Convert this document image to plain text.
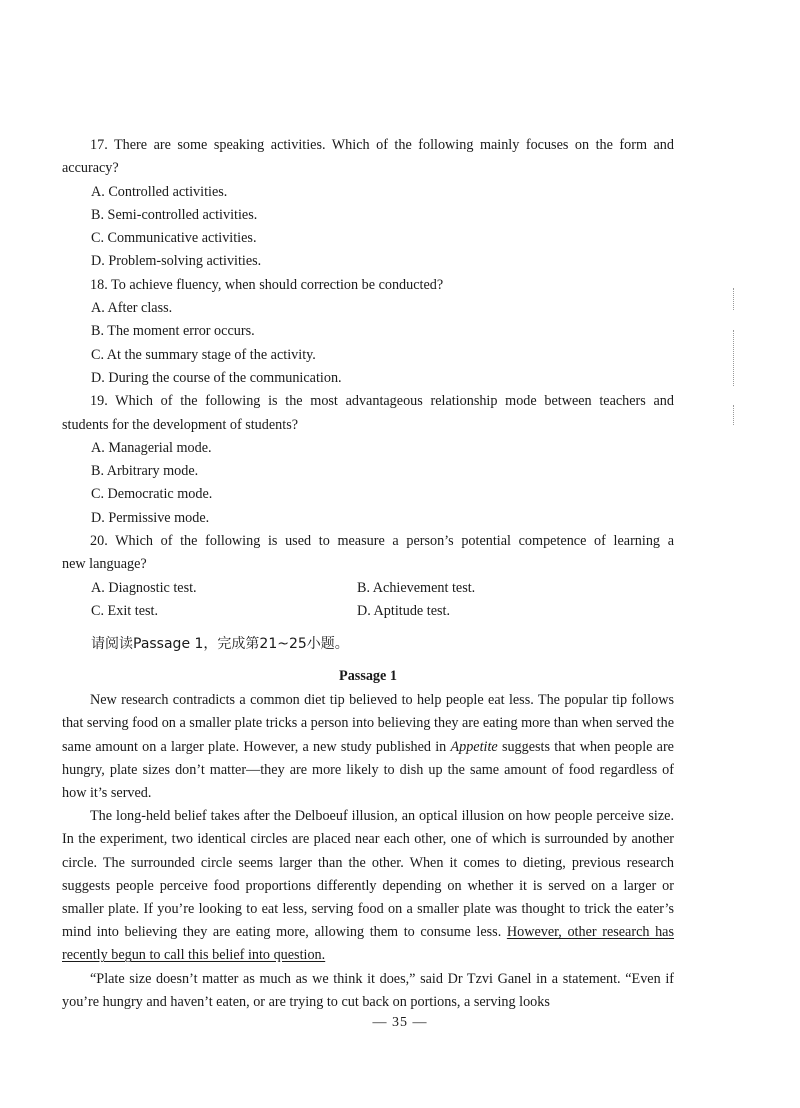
17. There are some speaking activities. Which of the following mainly focuses on the form and
accuracy?
A. Controlled activities.
B. Semi-controlled activities.
C. Communicative activities.
D. Problem-solving activities.
18. To achieve fluency, when should correction be conducted?
A. After class.
B. The moment error occurs.
C. At the summary stage of the activity.
D. During the course of the communication.
19. Which of the following is the most advantageous relationship mode between teachers and
students for the development of students?
A. Managerial mode.
B. Arbitrary mode.
C. Democratic mode.
D. Permissive mode.
20. Which of the following is used to measure a person’s potential competence of learning a
new language?
A. Diagnostic test.	B. Achievement test.
C. Exit test.	D. Aptitude test.
请阅读Passage 1，完成第21~25小题。
Passage 1

New research contradicts a common diet tip believed to help people eat less. The popular tip follows that serving food on a smaller plate tricks a person into believing they are eating more than when served the same amount on a larger plate. However, a new study published in Appetite suggests that when people are hungry, plate sizes don’t matter—they are more likely to dish up the same amount of food regardless of how it’s served.

The long-held belief takes after the Delboeuf illusion, an optical illusion on how people perceive size. In the experiment, two identical circles are placed near each other, one of which is surrounded by another circle. The surrounded circle seems larger than the other. When it comes to dieting, previous research suggests people perceive food proportions differently depending on whether it is served on a larger or smaller plate. If you’re looking to eat less, serving food on a smaller plate was thought to trick the eater’s mind into believing they are eating more, allowing them to consume less. However, other research has recently begun to call this belief into question.

“Plate size doesn’t matter as much as we think it does,” said Dr Tzvi Ganel in a statement. “Even if you’re hungry and haven’t eaten, or are trying to cut back on portions, a serving looks

— 35 —
